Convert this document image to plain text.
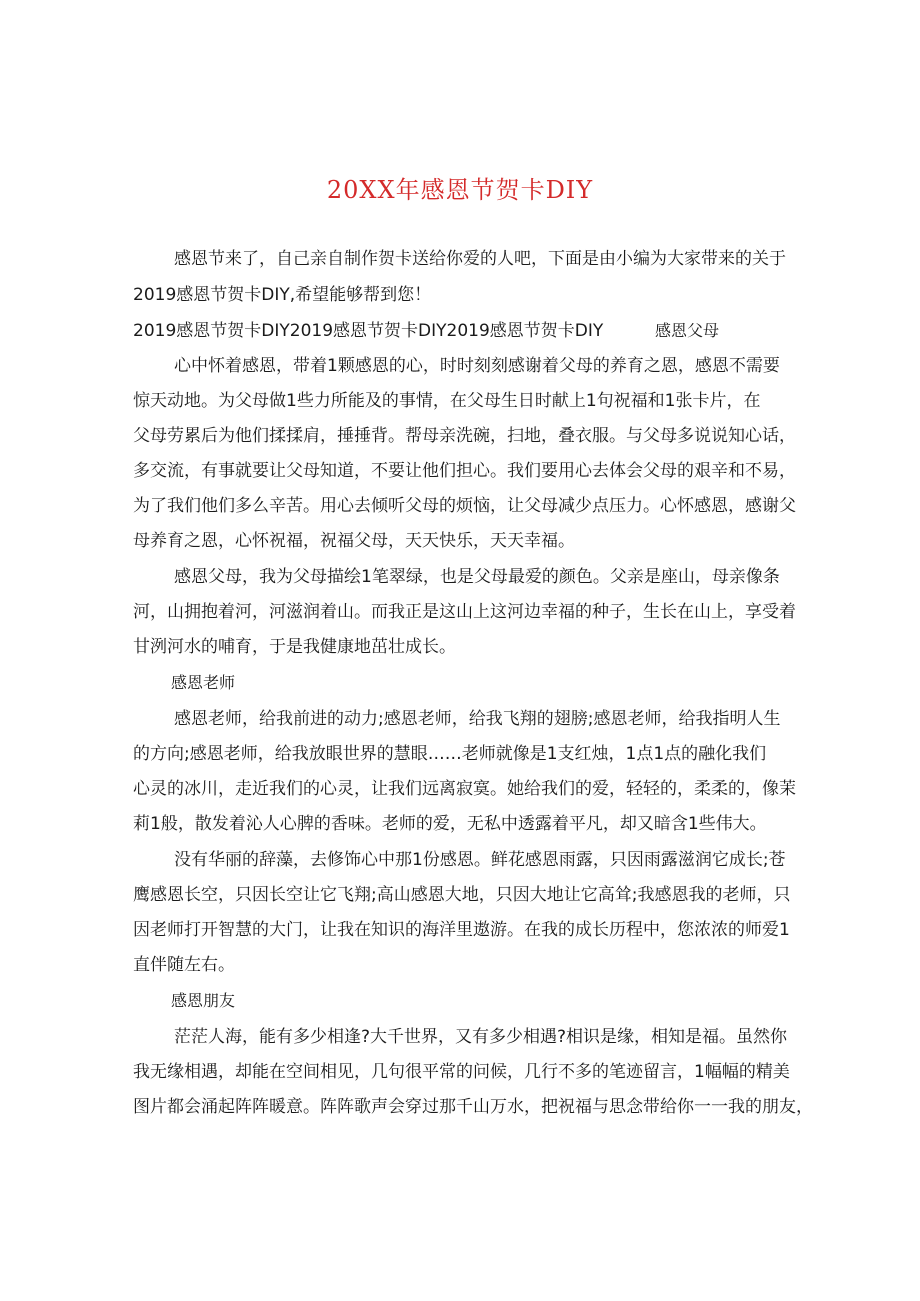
20XX年感恩节贺卡DIY
感恩节来了，自己亲自制作贺卡送给你爱的人吧，下面是由小编为大家带来的关于
2019感恩节贺卡DIY,希望能够帮到您！
2019感恩节贺卡DIY2019感恩节贺卡DIY2019感恩节贺卡DIY	感恩父母
心中怀着感恩，带着1颗感恩的心，时时刻刻感谢着父母的养育之恩，感恩不需要
惊天动地。为父母做1些力所能及的事情，在父母生日时献上1句祝福和1张卡片，在
父母劳累后为他们揉揉肩，捶捶背。帮母亲洗碗，扫地，叠衣服。与父母多说说知心话，
多交流，有事就要让父母知道，不要让他们担心。我们要用心去体会父母的艰辛和不易，
为了我们他们多么辛苦。用心去倾听父母的烦恼，让父母减少点压力。心怀感恩，感谢父
母养育之恩，心怀祝福，祝福父母，天天快乐，天天幸福。
感恩父母，我为父母描绘1笔翠绿，也是父母最爱的颜色。父亲是座山，母亲像条
河，山拥抱着河，河滋润着山。而我正是这山上这河边幸福的种子，生长在山上，享受着
甘洌河水的哺育，于是我健康地茁壮成长。
感恩老师
感恩老师，给我前进的动力;感恩老师，给我飞翔的翅膀;感恩老师，给我指明人生
的方向;感恩老师，给我放眼世界的慧眼……老师就像是1支红烛，1点1点的融化我们
心灵的冰川，走近我们的心灵，让我们远离寂寞。她给我们的爱，轻轻的，柔柔的，像茉
莉1般，散发着沁人心脾的香味。老师的爱，无私中透露着平凡，却又暗含1些伟大。
没有华丽的辞藻，去修饰心中那1份感恩。鲜花感恩雨露，只因雨露滋润它成长;苍
鹰感恩长空，只因长空让它飞翔;高山感恩大地，只因大地让它高耸;我感恩我的老师，只
因老师打开智慧的大门，让我在知识的海洋里遨游。在我的成长历程中，您浓浓的师爱1
直伴随左右。
感恩朋友
茫茫人海，能有多少相逢?大千世界，又有多少相遇?相识是缘，相知是福。虽然你
我无缘相遇，却能在空间相见，几句很平常的问候，几行不多的笔迹留言，1幅幅的精美
图片都会涌起阵阵暖意。阵阵歌声会穿过那千山万水，把祝福与思念带给你一一我的朋友，
